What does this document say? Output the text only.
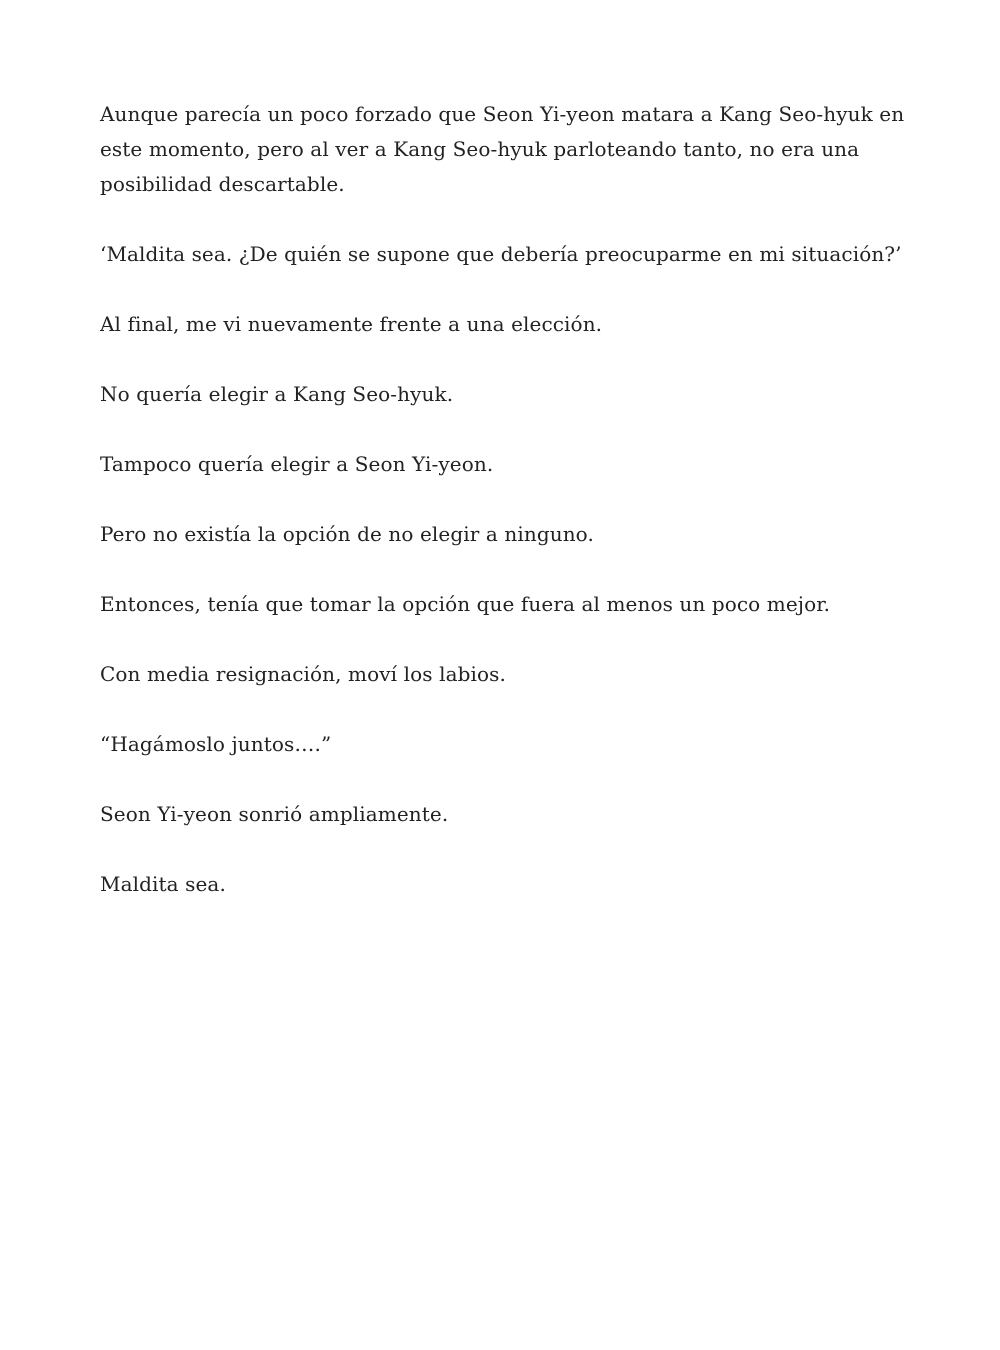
Aunque parecía un poco forzado que Seon Yi-yeon matara a Kang Seo-hyuk en este momento, pero al ver a Kang Seo-hyuk parloteando tanto, no era una posibilidad descartable.

‘Maldita sea. ¿De quién se supone que debería preocuparme en mi situación?’

Al final, me vi nuevamente frente a una elección.

No quería elegir a Kang Seo-hyuk.

Tampoco quería elegir a Seon Yi-yeon.

Pero no existía la opción de no elegir a ninguno.

Entonces, tenía que tomar la opción que fuera al menos un poco mejor.

Con media resignación, moví los labios.

“Hagámoslo juntos….”

Seon Yi-yeon sonrió ampliamente.

Maldita sea.
